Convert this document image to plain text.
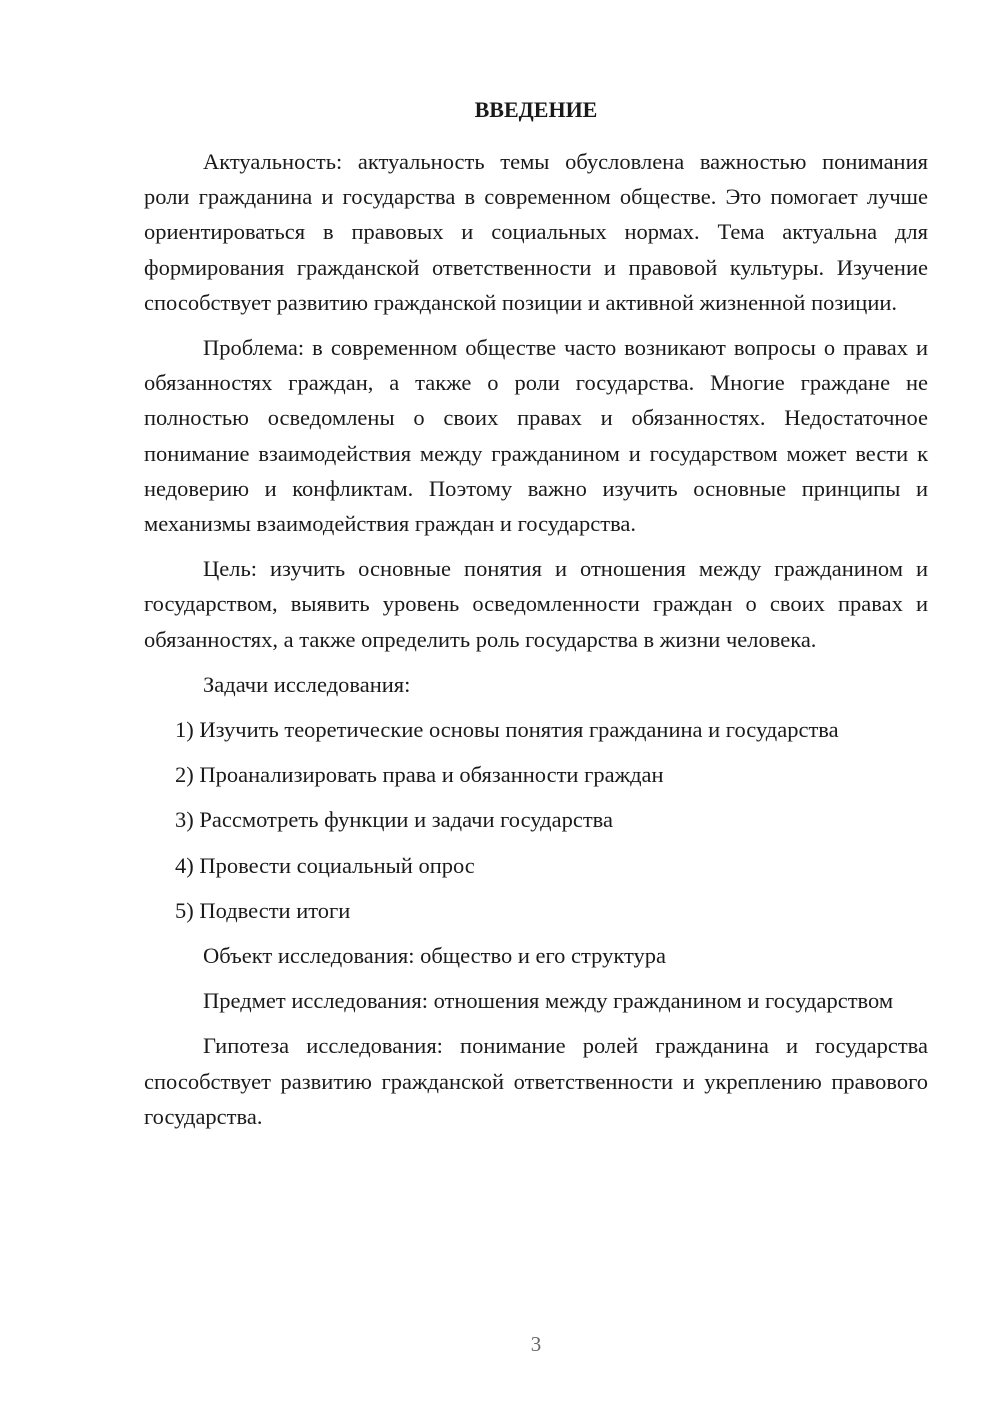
ВВЕДЕНИЕ

Актуальность: актуальность темы обусловлена важностью понимания роли гражданина и государства в современном обществе. Это помогает лучше ориентироваться в правовых и социальных нормах. Тема актуальна для формирования гражданской ответственности и правовой культуры. Изучение способствует развитию гражданской позиции и активной жизненной позиции.

Проблема: в современном обществе часто возникают вопросы о правах и обязанностях граждан, а также о роли государства. Многие граждане не полностью осведомлены о своих правах и обязанностях. Недостаточное понимание взаимодействия между гражданином и государством может вести к недоверию и конфликтам. Поэтому важно изучить основные принципы и механизмы взаимодействия граждан и государства.

Цель: изучить основные понятия и отношения между гражданином и государством, выявить уровень осведомленности граждан о своих правах и обязанностях, а также определить роль государства в жизни человека.

Задачи исследования:

1) Изучить теоретические основы понятия гражданина и государства
2) Проанализировать права и обязанности граждан
3) Рассмотреть функции и задачи государства
4) Провести социальный опрос
5) Подвести итоги

Объект исследования: общество и его структура

Предмет исследования: отношения между гражданином и государством

Гипотеза исследования: понимание ролей гражданина и государства способствует развитию гражданской ответственности и укреплению правового государства.

3
